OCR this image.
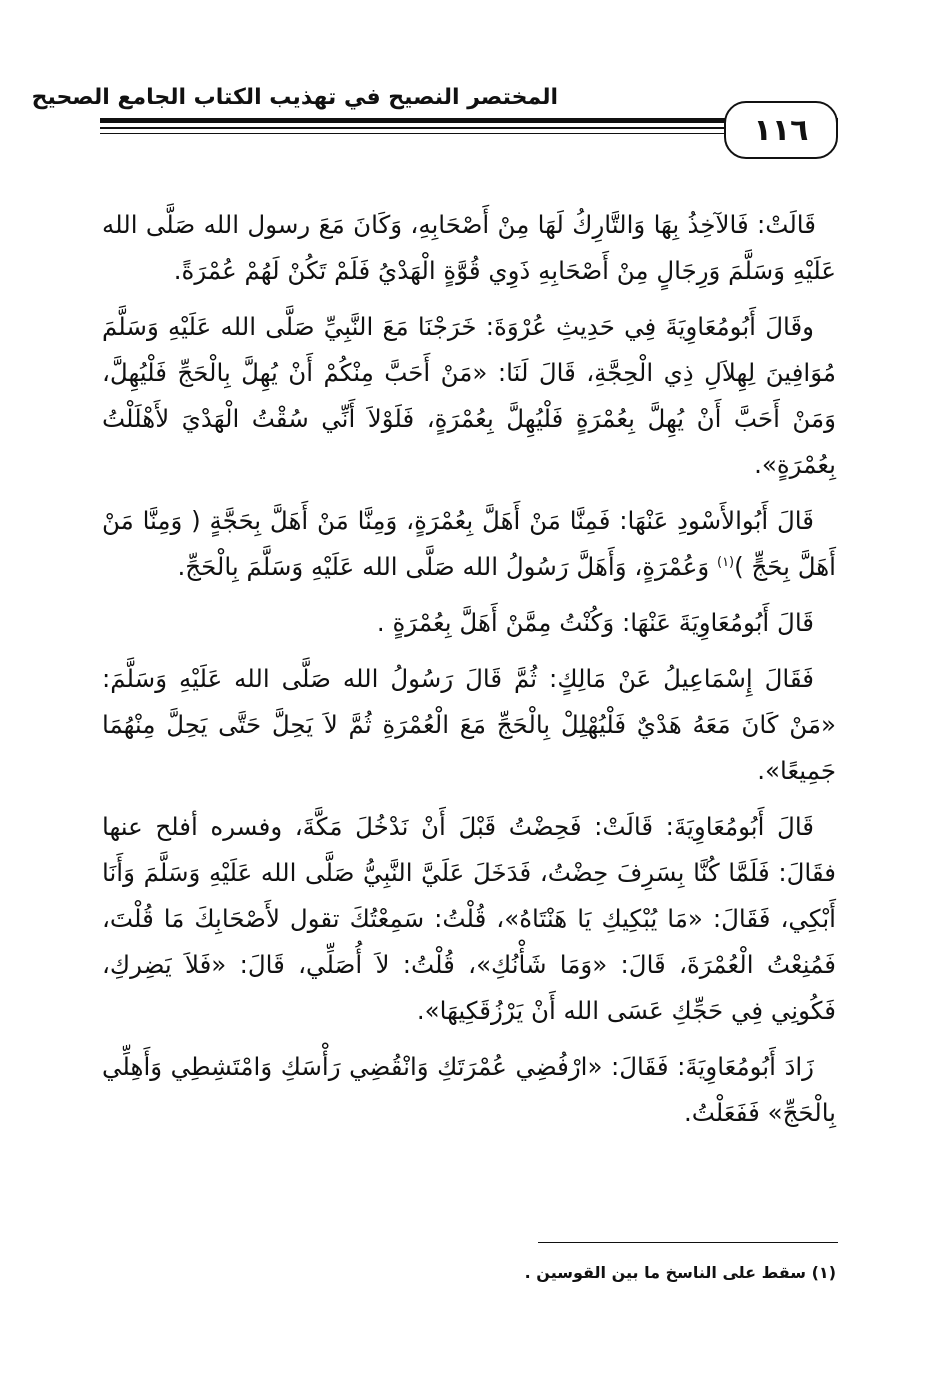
المختصر النصيح في تهذيب الكتاب الجامع الصحيح
١١٦

قَالَتْ: فَالآخِذُ بِهَا وَالتَّارِكُ لَهَا مِنْ أَصْحَابِهِ، وَكَانَ مَعَ رسول الله صَلَّى الله عَلَيْهِ وَسَلَّمَ وَرِجَالٍ مِنْ أَصْحَابِهِ ذَوِي قُوَّةٍ الْهَدْيُ فَلَمْ تَكُنْ لَهُمْ عُمْرَةً.

وقَالَ أَبُومُعَاوِيَةَ فِي حَدِيثِ عُرْوَةَ: خَرَجْنَا مَعَ النَّبِيِّ صَلَّى الله عَلَيْهِ وَسَلَّمَ مُوَافِينَ لِهِلاَلِ ذِي الْحِجَّةِ، قَالَ لَنَا: «مَنْ أَحَبَّ مِنْكُمْ أَنْ يُهِلَّ بِالْحَجِّ فَلْيُهِلَّ، وَمَنْ أَحَبَّ أَنْ يُهِلَّ بِعُمْرَةٍ فَلْيُهِلَّ بِعُمْرَةٍ، فَلَوْلاَ أَنِّي سُقْتُ الْهَدْيَ لأَهْلَلْتُ بِعُمْرَةٍ».

قَالَ أَبُوالأَسْودِ عَنْهَا: فَمِنَّا مَنْ أَهَلَّ بِعُمْرَةٍ، وَمِنَّا مَنْ أَهَلَّ بِحَجَّةٍ ( وَمِنَّا مَنْ أَهَلَّ بِحَجٍّ )$^{(١)}$ وَعُمْرَةٍ، وَأَهَلَّ رَسُولُ الله صَلَّى الله عَلَيْهِ وَسَلَّمَ بِالْحَجِّ.

قَالَ أَبُومُعَاوِيَةَ عَنْهَا: وَكُنْتُ مِمَّنْ أَهَلَّ بِعُمْرَةٍ .

فَقَالَ إِسْمَاعِيلُ عَنْ مَالِكٍ: ثُمَّ قَالَ رَسُولُ الله صَلَّى الله عَلَيْهِ وَسَلَّمَ: «مَنْ كَانَ مَعَهُ هَدْيٌ فَلْيُهْلِلْ بِالْحَجِّ مَعَ الْعُمْرَةِ ثُمَّ لاَ يَحِلَّ حَتَّى يَحِلَّ مِنْهُمَا جَمِيعًا».

قَالَ أَبُومُعَاوِيَةَ: قَالَتْ: فَحِضْتُ قَبْلَ أَنْ نَدْخُلَ مَكَّةَ، وفسره أفلح عنها فقَالَ: فَلَمَّا كُنَّا بِسَرِفَ حِضْتُ، فَدَخَلَ عَلَيَّ النَّبِيُّ صَلَّى الله عَلَيْهِ وَسَلَّمَ وَأَنَا أَبْكِي، فَقَالَ: «مَا يُبْكِيكِ يَا هَنْتَاهُ»، قُلْتُ: سَمِعْتُكَ تقول لأَصْحَابِكَ مَا قُلْتَ، فَمُنِعْتُ الْعُمْرَةَ، قَالَ: «وَمَا شَأْنُكِ»، قُلْتُ: لاَ أُصَلِّي، قَالَ: «فَلاَ يَضِركِ، فَكُونِي فِي حَجِّكِ عَسَى الله أَنْ يَرْزُقَكِيهَا».

زَادَ أَبُومُعَاوِيَةَ: فَقَالَ: «ارْفُضِي عُمْرَتَكِ وَانْقُضِي رَأْسَكِ وَامْتَشِطِي وَأَهِلِّي بِالْحَجِّ» فَفَعَلْتُ.

(١) سقط على الناسخ ما بين القوسين .
